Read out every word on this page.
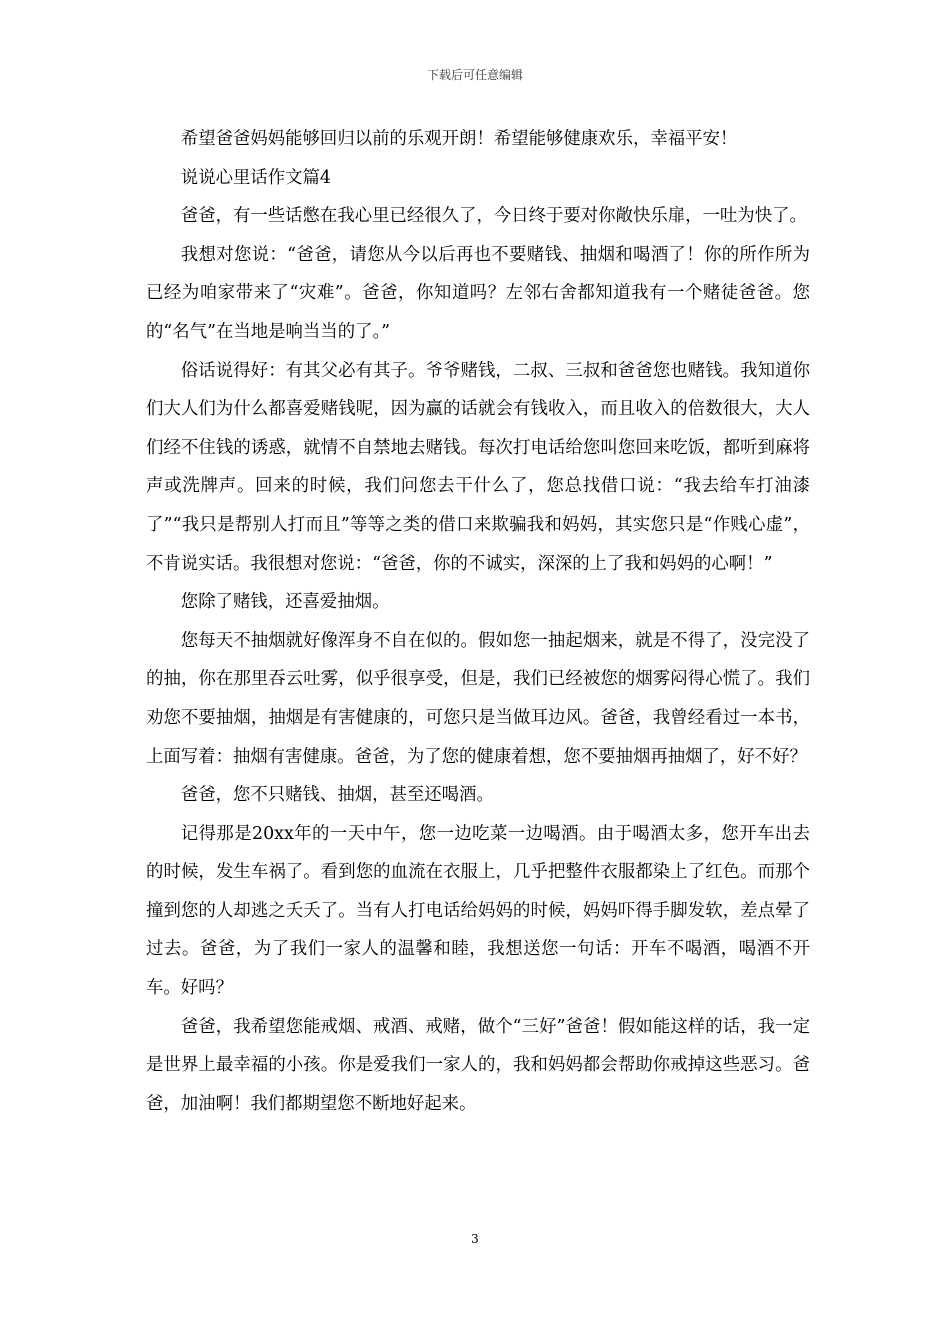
下载后可任意编辑

希望爸爸妈妈能够回归以前的乐观开朗！希望能够健康欢乐，幸福平安！

说说心里话作文篇4

爸爸，有一些话憋在我心里已经很久了，今日终于要对你敞快乐扉，一吐为快了。

我想对您说：“爸爸，请您从今以后再也不要赌钱、抽烟和喝酒了！你的所作所为已经为咱家带来了“灾难”。爸爸，你知道吗？左邻右舍都知道我有一个赌徒爸爸。您的“名气”在当地是响当当的了。”

俗话说得好：有其父必有其子。爷爷赌钱，二叔、三叔和爸爸您也赌钱。我知道你们大人们为什么都喜爱赌钱呢，因为赢的话就会有钱收入，而且收入的倍数很大，大人们经不住钱的诱惑，就情不自禁地去赌钱。每次打电话给您叫您回来吃饭，都听到麻将声或洗牌声。回来的时候，我们问您去干什么了，您总找借口说：“我去给车打油漆了”“我只是帮别人打而且”等等之类的借口来欺骗我和妈妈，其实您只是“作贱心虚”，不肯说实话。我很想对您说：“爸爸，你的不诚实，深深的上了我和妈妈的心啊！”

您除了赌钱，还喜爱抽烟。

您每天不抽烟就好像浑身不自在似的。假如您一抽起烟来，就是不得了，没完没了的抽，你在那里吞云吐雾，似乎很享受，但是，我们已经被您的烟雾闷得心慌了。我们劝您不要抽烟，抽烟是有害健康的，可您只是当做耳边风。爸爸，我曾经看过一本书，上面写着：抽烟有害健康。爸爸，为了您的健康着想，您不要抽烟再抽烟了，好不好？

爸爸，您不只赌钱、抽烟，甚至还喝酒。

记得那是20xx年的一天中午，您一边吃菜一边喝酒。由于喝酒太多，您开车出去的时候，发生车祸了。看到您的血流在衣服上，几乎把整件衣服都染上了红色。而那个撞到您的人却逃之夭夭了。当有人打电话给妈妈的时候，妈妈吓得手脚发软，差点晕了过去。爸爸，为了我们一家人的温馨和睦，我想送您一句话：开车不喝酒，喝酒不开车。好吗？

爸爸，我希望您能戒烟、戒酒、戒赌，做个“三好”爸爸！假如能这样的话，我一定是世界上最幸福的小孩。你是爱我们一家人的，我和妈妈都会帮助你戒掉这些恶习。爸爸，加油啊！我们都期望您不断地好起来。

3
